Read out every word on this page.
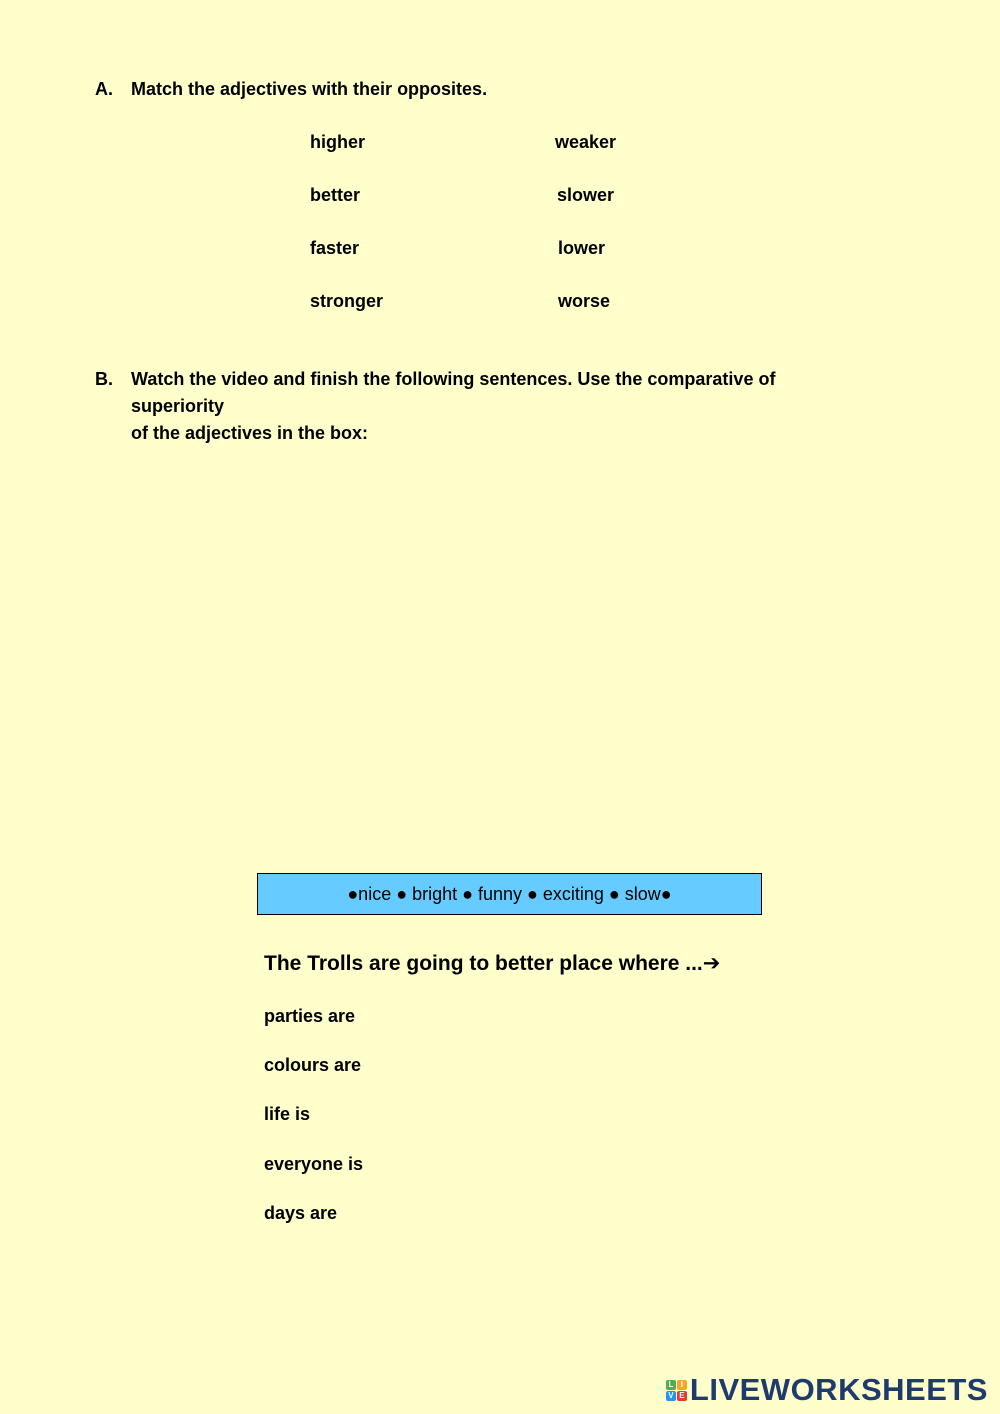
A. Match the adjectives with their opposites.
higher
better
faster
stronger
weaker
slower
lower
worse
B. Watch the video and finish the following sentences. Use the comparative of superiority
of the adjectives in the box:
●nice ● bright ● funny ● exciting ● slow●
The Trolls are going to better place where ...➔
parties are
colours are
life is
everyone is
days are
L I
V E LIVEWORKSHEETS
